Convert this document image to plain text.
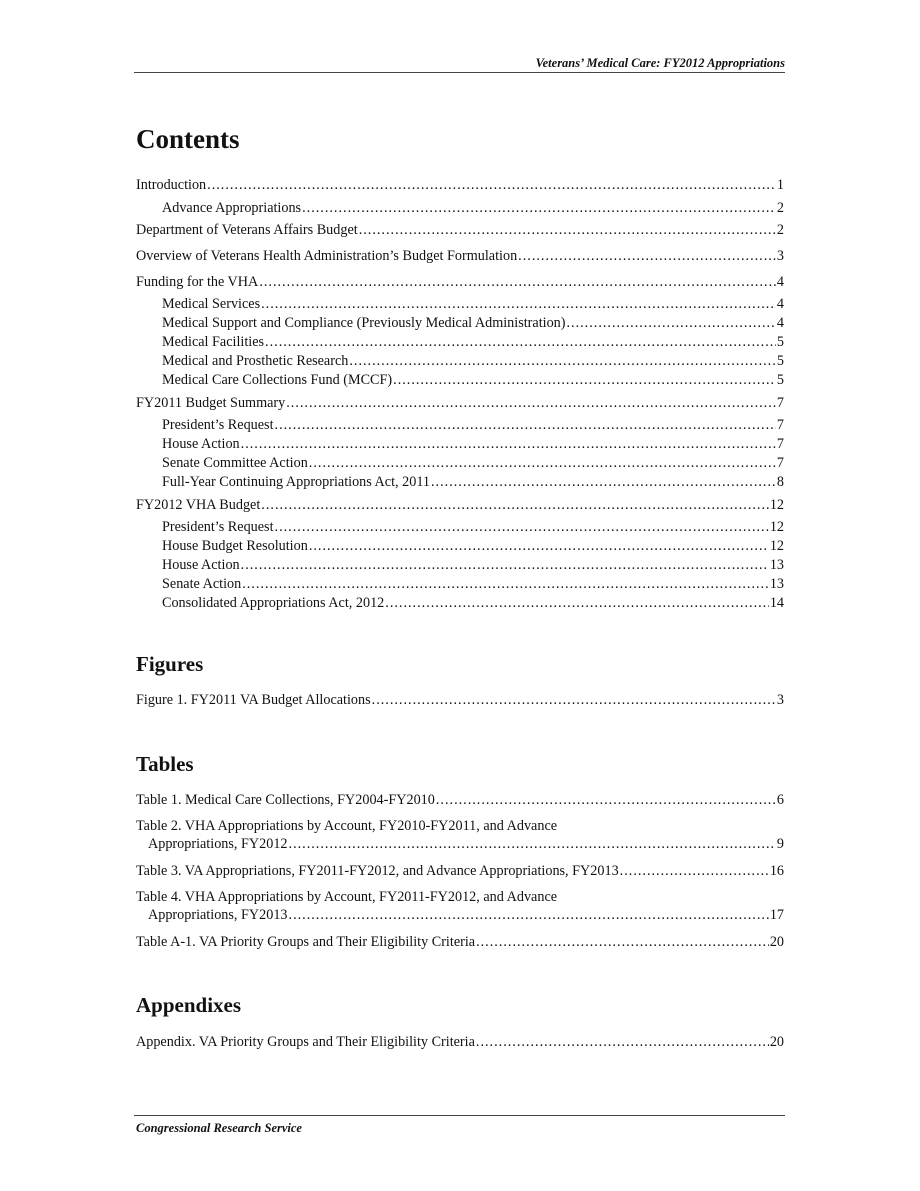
Veterans’ Medical Care: FY2012 Appropriations
Contents
Introduction .....	1
Advance Appropriations .....	2
Department of Veterans Affairs Budget .....	2
Overview of Veterans Health Administration’s Budget Formulation .....	3
Funding for the VHA .....	4
Medical Services .....	4
Medical Support and Compliance (Previously Medical Administration) .....	4
Medical Facilities .....	5
Medical and Prosthetic Research .....	5
Medical Care Collections Fund (MCCF) .....	5
FY2011 Budget Summary .....	7
President’s Request .....	7
House Action .....	7
Senate Committee Action .....	7
Full-Year Continuing Appropriations Act, 2011 .....	8
FY2012 VHA Budget .....	12
President’s Request .....	12
House Budget Resolution .....	12
House Action .....	13
Senate Action .....	13
Consolidated Appropriations Act, 2012 .....	14
Figures
Figure 1. FY2011 VA Budget Allocations .....	3
Tables
Table 1. Medical Care Collections, FY2004-FY2010 .....	6
Table 2. VHA Appropriations by Account, FY2010-FY2011, and Advance
Appropriations, FY2012 .....	9
Table 3. VA Appropriations, FY2011-FY2012, and Advance Appropriations, FY2013 .....	16
Table 4. VHA Appropriations by Account, FY2011-FY2012, and Advance
Appropriations, FY2013 .....	17
Table A-1. VA Priority Groups and Their Eligibility Criteria .....	20
Appendixes
Appendix. VA Priority Groups and Their Eligibility Criteria .....	20
Congressional Research Service
